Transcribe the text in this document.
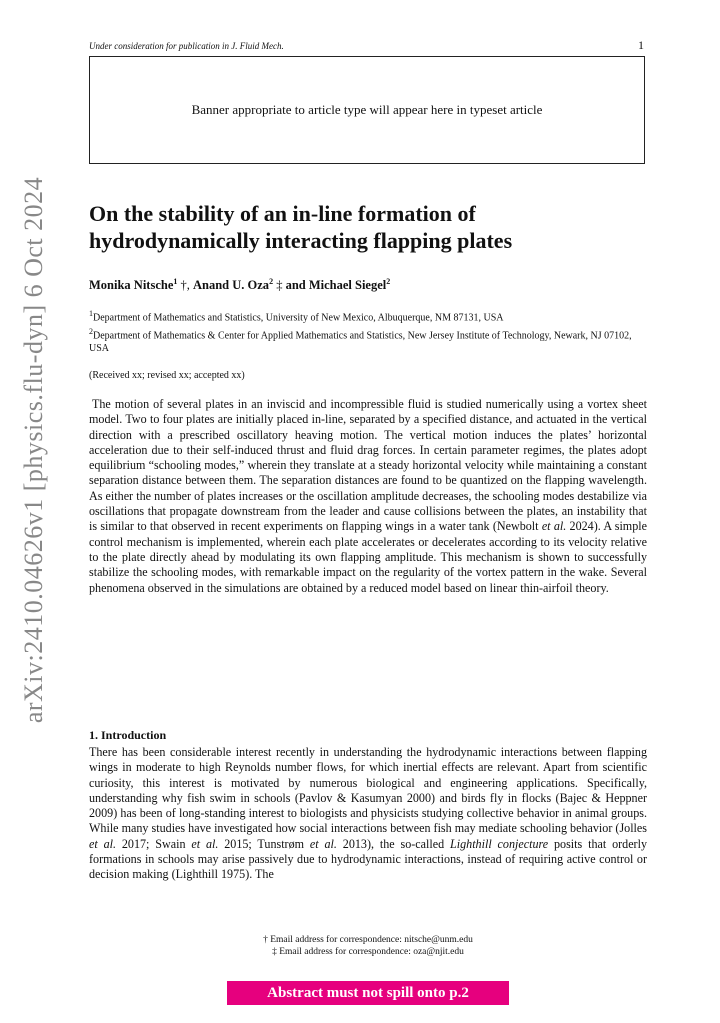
arXiv:2410.04626v1 [physics.flu-dyn] 6 Oct 2024
Under consideration for publication in J. Fluid Mech.	1
Banner appropriate to article type will appear here in typeset article
On the stability of an in-line formation of hydrodynamically interacting flapping plates
Monika Nitsche$^1$ †, Anand U. Oza$^2$ ‡ and Michael Siegel$^2$
$^1$Department of Mathematics and Statistics, University of New Mexico, Albuquerque, NM 87131, USA
$^2$Department of Mathematics & Center for Applied Mathematics and Statistics, New Jersey Institute of Technology, Newark, NJ 07102, USA
(Received xx; revised xx; accepted xx)
The motion of several plates in an inviscid and incompressible fluid is studied numerically using a vortex sheet model. Two to four plates are initially placed in-line, separated by a specified distance, and actuated in the vertical direction with a prescribed oscillatory heaving motion. The vertical motion induces the plates’ horizontal acceleration due to their self-induced thrust and fluid drag forces. In certain parameter regimes, the plates adopt equilibrium “schooling modes,” wherein they translate at a steady horizontal velocity while maintaining a constant separation distance between them. The separation distances are found to be quantized on the flapping wavelength. As either the number of plates increases or the oscillation amplitude decreases, the schooling modes destabilize via oscillations that propagate downstream from the leader and cause collisions between the plates, an instability that is similar to that observed in recent experiments on flapping wings in a water tank (Newbolt et al. 2024). A simple control mechanism is implemented, wherein each plate accelerates or decelerates according to its velocity relative to the plate directly ahead by modulating its own flapping amplitude. This mechanism is shown to successfully stabilize the schooling modes, with remarkable impact on the regularity of the vortex pattern in the wake. Several phenomena observed in the simulations are obtained by a reduced model based on linear thin-airfoil theory.
1. Introduction
There has been considerable interest recently in understanding the hydrodynamic interactions between flapping wings in moderate to high Reynolds number flows, for which inertial effects are relevant. Apart from scientific curiosity, this interest is motivated by numerous biological and engineering applications. Specifically, understanding why fish swim in schools (Pavlov & Kasumyan 2000) and birds fly in flocks (Bajec & Heppner 2009) has been of long-standing interest to biologists and physicists studying collective behavior in animal groups. While many studies have investigated how social interactions between fish may mediate schooling behavior (Jolles et al. 2017; Swain et al. 2015; Tunstrøm et al. 2013), the so-called Lighthill conjecture posits that orderly formations in schools may arise passively due to hydrodynamic interactions, instead of requiring active control or decision making (Lighthill 1975). The
† Email address for correspondence: nitsche@unm.edu
‡ Email address for correspondence: oza@njit.edu
Abstract must not spill onto p.2
